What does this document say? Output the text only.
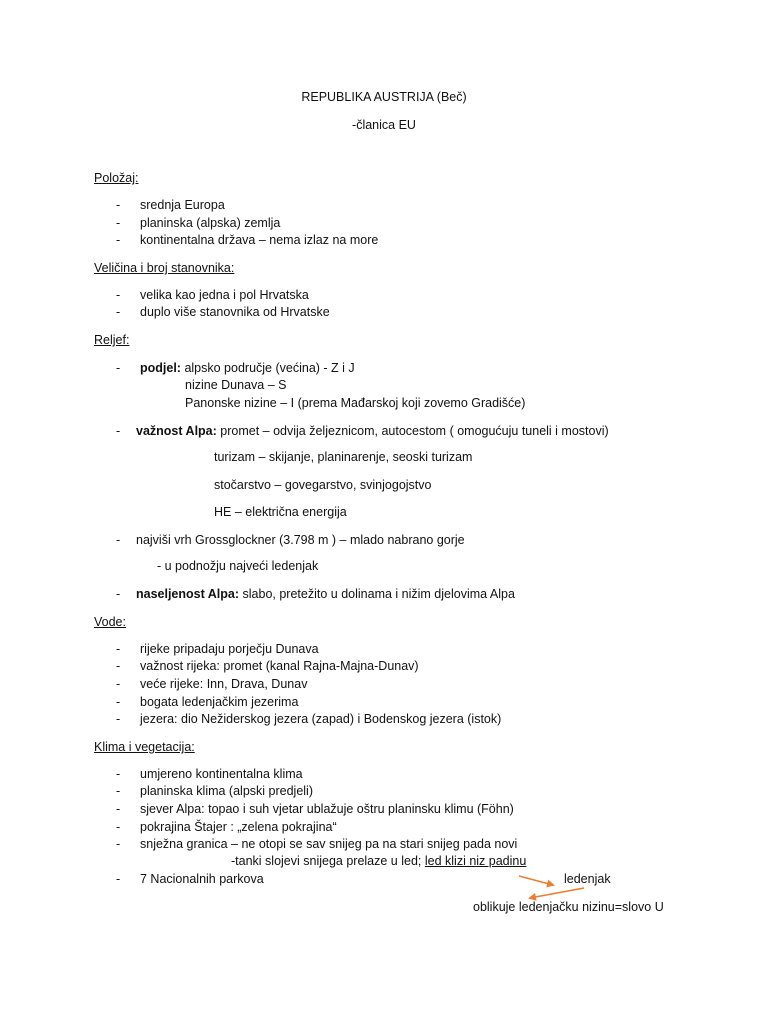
REPUBLIKA AUSTRIJA (Beč)
-članica EU
Položaj:
- srednja Europa
- planinska (alpska) zemlja
- kontinentalna država – nema izlaz na more
Veličina i broj stanovnika:
- velika kao jedna i pol Hrvatska
- duplo više stanovnika od Hrvatske
Reljef:
- podjel: alpsko područje (većina) - Z i J
nizine Dunava – S
Panonske nizine – I (prema Mađarskoj koji zovemo Gradišće)
- važnost Alpa: promet – odvija željeznicom, autocestom ( omogućuju tuneli i mostovi)
turizam – skijanje, planinarenje, seoski turizam
stočarstvo – govegarstvo, svinjogojstvo
HE – električna energija
- najviši vrh Grossglockner (3.798 m ) – mlado nabrano gorje
- u podnožju najveći ledenjak
- naseljenost Alpa: slabo, pretežito u dolinama i nižim djelovima Alpa
Vode:
- rijeke pripadaju porječju Dunava
- važnost rijeka: promet (kanal Rajna-Majna-Dunav)
- veće rijeke: Inn, Drava, Dunav
- bogata ledenjačkim jezerima
- jezera: dio Nežiderskog jezera (zapad) i Bodenskog jezera (istok)
Klima i vegetacija:
- umjereno kontinentalna klima
- planinska klima (alpski predjeli)
- sjever Alpa: topao i suh vjetar ublažuje oštru planinsku klimu (Föhn)
- pokrajina Štajer : „zelena pokrajina“
- snježna granica – ne otopi se sav snijeg pa na stari snijeg pada novi
-tanki slojevi snijega prelaze u led; led klizi niz padinu
- 7 Nacionalnih parkova	ledenjak
oblikuje ledenjačku nizinu=slovo U
